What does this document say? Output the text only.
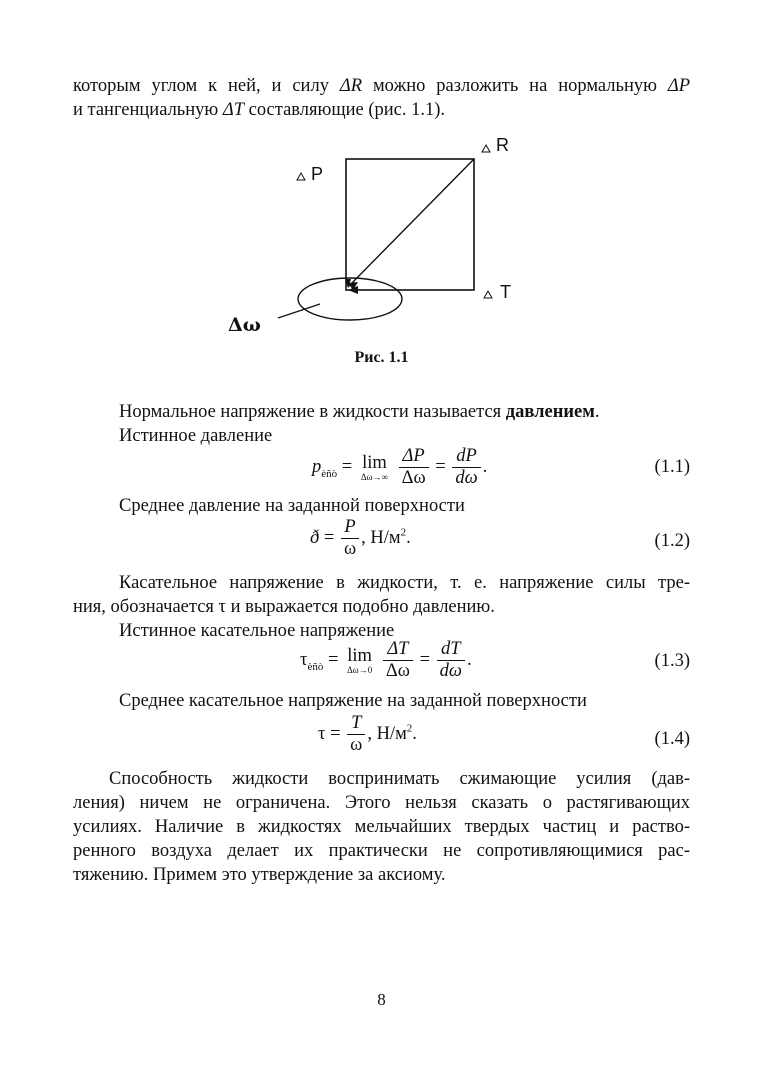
которым углом к ней, и силу ΔR можно разложить на нормальную ΔP
и тангенциальную ΔT составляющие (рис. 1.1).
P
R
T
Δω
Рис. 1.1
Нормальное напряжение в жидкости называется давлением.
Истинное давление
$p_{èñò} = \lim$
Δω→∞
$\frac{\Delta P}{\Delta\omega} = \frac{dP}{d\omega}$ .	(1.1)
Среднее давление на заданной поверхности
ð = $\frac{P}{\omega}$ , $Н/м^2$.	(1.2)
Касательное напряжение в жидкости, т. е. напряжение силы тре-
ния, обозначается τ и выражается подобно давлению.
Истинное касательное напряжение
$\tau_{èñò} = \lim$
Δω→0
$\frac{\Delta T}{\Delta\omega} = \frac{dT}{d\omega}$ .	(1.3)
Среднее касательное напряжение на заданной поверхности
$\tau = \frac{T}{\omega}$ , $Н/м^2$.	(1.4)
Способность жидкости воспринимать сжимающие усилия (дав-
ления) ничем не ограничена. Этого нельзя сказать о растягивающих
усилиях. Наличие в жидкостях мельчайших твердых частиц и раство-
ренного воздуха делает их практически не сопротивляющимися рас-
тяжению. Примем это утверждение за аксиому.
8
